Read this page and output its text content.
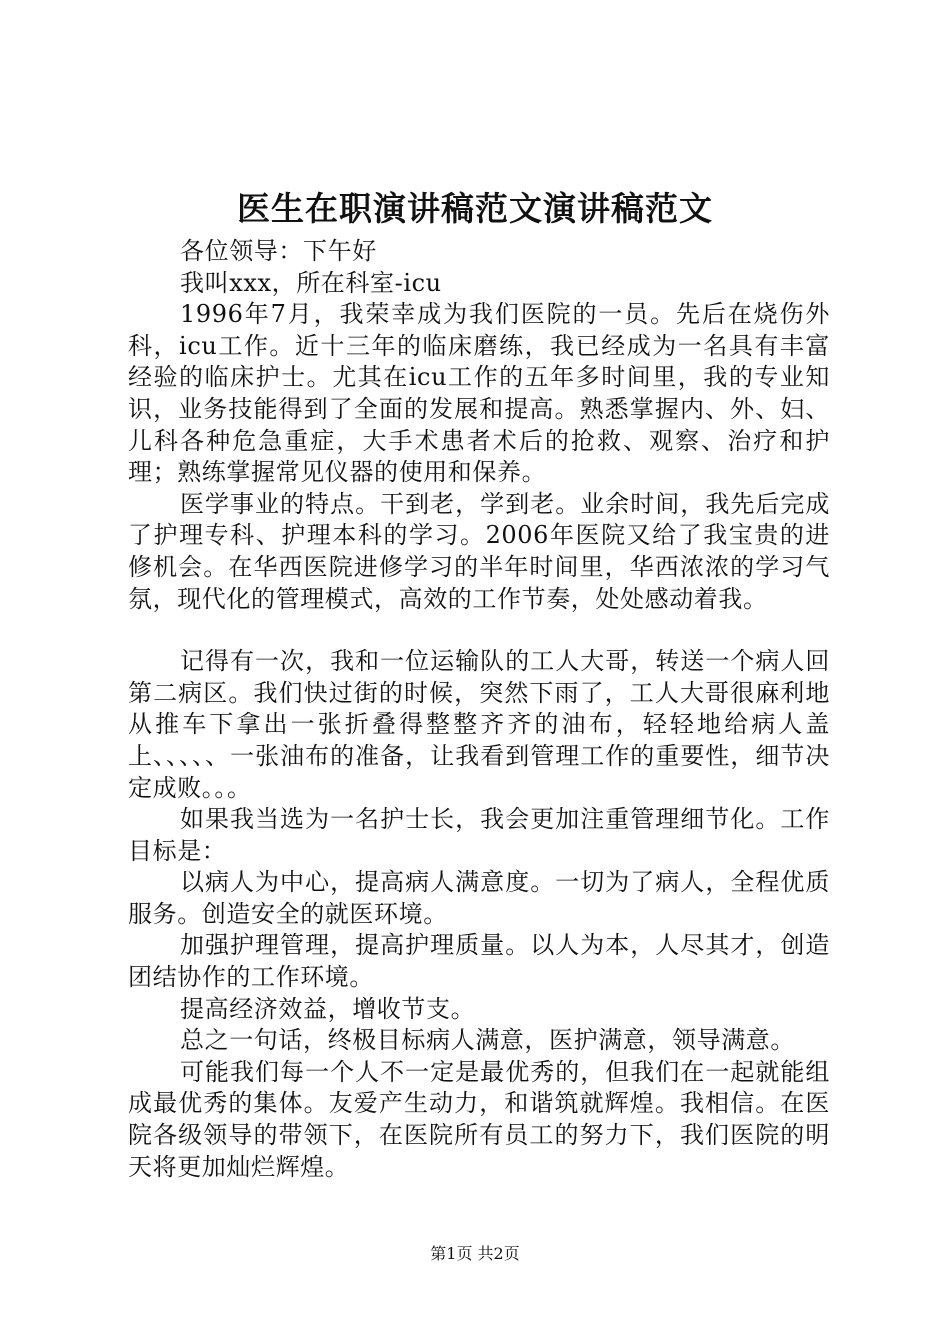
医生在职演讲稿范文演讲稿范文

各位领导：下午好

我叫xxx，所在科室-icu

1996年7月，我荣幸成为我们医院的一员。先后在烧伤外科，icu工作。近十三年的临床磨练，我已经成为一名具有丰富经验的临床护士。尤其在icu工作的五年多时间里，我的专业知识，业务技能得到了全面的发展和提高。熟悉掌握内、外、妇、儿科各种危急重症，大手术患者术后的抢救、观察、治疗和护理；熟练掌握常见仪器的使用和保养。

医学事业的特点。干到老，学到老。业余时间，我先后完成了护理专科、护理本科的学习。2006年医院又给了我宝贵的进修机会。在华西医院进修学习的半年时间里，华西浓浓的学习气氛，现代化的管理模式，高效的工作节奏，处处感动着我。

记得有一次，我和一位运输队的工人大哥，转送一个病人回第二病区。我们快过街的时候，突然下雨了，工人大哥很麻利地从推车下拿出一张折叠得整整齐齐的油布，轻轻地给病人盖上、、、、、一张油布的准备，让我看到管理工作的重要性，细节决定成败。。。

如果我当选为一名护士长，我会更加注重管理细节化。工作目标是：

以病人为中心，提高病人满意度。一切为了病人，全程优质服务。创造安全的就医环境。

加强护理管理，提高护理质量。以人为本，人尽其才，创造团结协作的工作环境。

提高经济效益，增收节支。

总之一句话，终极目标病人满意，医护满意，领导满意。

可能我们每一个人不一定是最优秀的，但我们在一起就能组成最优秀的集体。友爱产生动力，和谐筑就辉煌。我相信。在医院各级领导的带领下，在医院所有员工的努力下，我们医院的明天将更加灿烂辉煌。

第1页 共2页
